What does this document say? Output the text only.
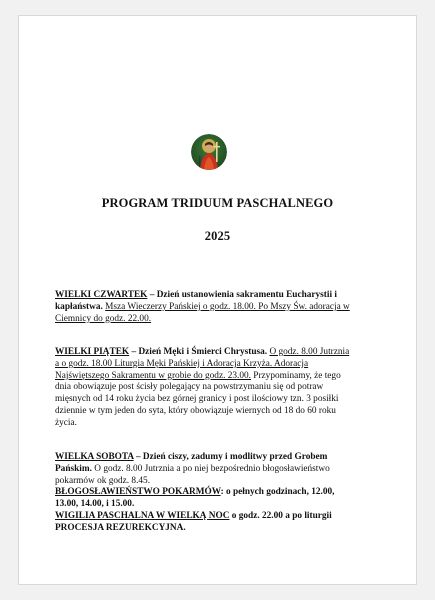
PROGRAM TRIDUUM PASCHALNEGO
2025
WIELKI CZWARTEK – Dzień ustanowienia sakramentu Eucharystii i
kapłaństwa. Msza Wieczerzy Pańskiej o godz. 18.00. Po Mszy Św. adoracja w
Ciemnicy do godz. 22.00.
WIELKI PIĄTEK – Dzień Męki i Śmierci Chrystusa. O godz. 8.00 Jutrznia
a o godz. 18.00 Liturgia Męki Pańskiej i Adoracja Krzyża. Adoracja
Najświętszego Sakramentu w grobie do godz. 23.00. Przypominamy, że tego
dnia obowiązuje post ścisły polegający na powstrzymaniu się od potraw
mięsnych od 14 roku życia bez górnej granicy i post ilościowy tzn. 3 posiłki
dziennie w tym jeden do syta, który obowiązuje wiernych od 18 do 60 roku
życia.
WIELKA SOBOTA – Dzień ciszy, zadumy i modlitwy przed Grobem
Pańskim. O godz. 8.00 Jutrznia a po niej bezpośrednio błogosławieństwo
pokarmów ok godz. 8.45.
BŁOGOSŁAWIEŃSTWO POKARMÓW: o pełnych godzinach, 12.00,
13.00, 14.00, i 15.00.
WIGILIA PASCHALNA W WIELKĄ NOC o godz. 22.00 a po liturgii
PROCESJA REZUREKCYJNA.
